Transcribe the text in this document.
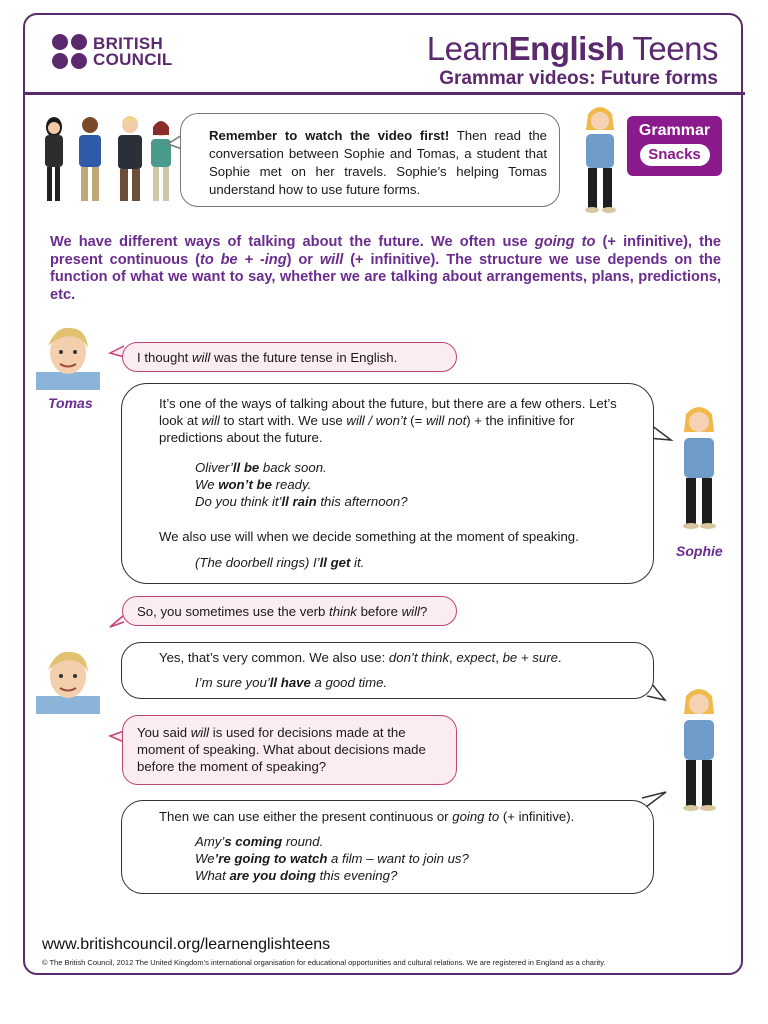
BRITISH
COUNCIL	LearnEnglish Teens
Grammar videos: Future forms
Remember to watch the video first! Then read the conversation between Sophie and Tomas, a student that Sophie met on her travels. Sophie’s helping Tomas understand how to use future forms.
Grammar
Snacks
We have different ways of talking about the future. We often use going to (+ infinitive), the present continuous (to be + -ing) or will (+ infinitive). The structure we use depends on the function of what we want to say, whether we are talking about arrangements, plans, predictions, etc.
Tomas
I thought will was the future tense in English.
It’s one of the ways of talking about the future, but there are a few others. Let’s look at will to start with. We use will / won’t (= will not) + the infinitive for predictions about the future.
Oliver’ll be back soon.
We won’t be ready.
Do you think it’ll rain this afternoon?
We also use will when we decide something at the moment of speaking.
(The doorbell rings) I’ll get it.
Sophie
So, you sometimes use the verb think before will?
Yes, that’s very common. We also use: don’t think, expect, be + sure.
I’m sure you’ll have a good time.
You said will is used for decisions made at the moment of speaking. What about decisions made before the moment of speaking?
Then we can use either the present continuous or going to (+ infinitive).
Amy’s coming round.
We’re going to watch a film – want to join us?
What are you doing this evening?
www.britishcouncil.org/learnenglishteens
© The British Council, 2012 The United Kingdom’s international organisation for educational opportunities and cultural relations. We are registered in England as a charity.
